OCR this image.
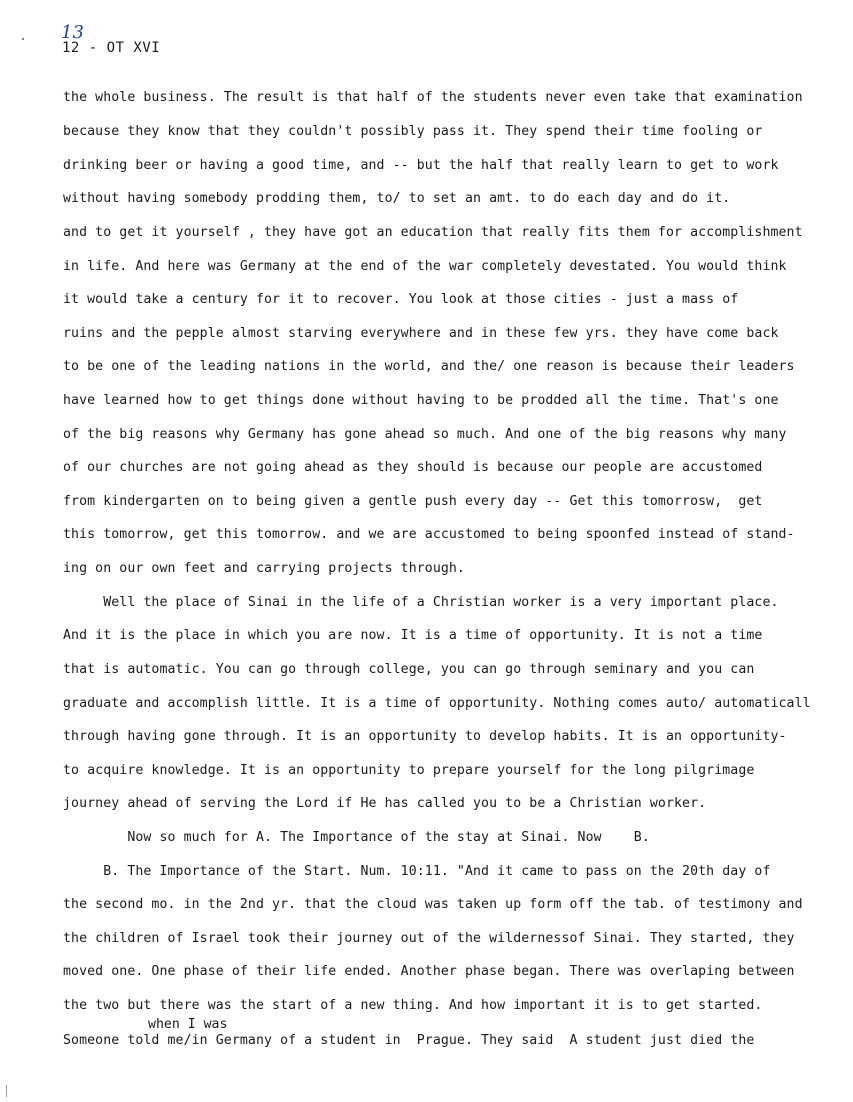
13
12 - OT XVI
the whole business. The result is that half of the students never even take that examination
because they know that they couldn't possibly pass it. They spend their time fooling or
drinking beer or having a good time, and -- but the half that really learn to get to work
without having somebody prodding them, to/ to set an amt. to do each day and do it.
and to get it yourself , they have got an education that really fits them for accomplishment
in life. And here was Germany at the end of the war completely devestated. You would think
it would take a century for it to recover. You look at those cities - just a mass of
ruins and the pepple almost starving everywhere and in these few yrs. they have come back
to be one of the leading nations in the world, and the/ one reason is because their leaders
have learned how to get things done without having to be prodded all the time. That's one
of the big reasons why Germany has gone ahead so much. And one of the big reasons why many
of our churches are not going ahead as they should is because our people are accustomed
from kindergarten on to being given a gentle push every day -- Get this tomorrosw,  get
this tomorrow, get this tomorrow. and we are accustomed to being spoonfed instead of stand-
ing on our own feet and carrying projects through.
Well the place of Sinai in the life of a Christian worker is a very important place.
And it is the place in which you are now. It is a time of opportunity. It is not a time
that is automatic. You can go through college, you can go through seminary and you can
graduate and accomplish little. It is a time of opportunity. Nothing comes auto/ automaticall
through having gone through. It is an opportunity to develop habits. It is an opportunity-
to acquire knowledge. It is an opportunity to prepare yourself for the long pilgrimage
journey ahead of serving the Lord if He has called you to be a Christian worker.
Now so much for A. The Importance of the stay at Sinai. Now    B.
B. The Importance of the Start. Num. 10:11. "And it came to pass on the 20th day of
the second mo. in the 2nd yr. that the cloud was taken up form off the tab. of testimony and
the children of Israel took their journey out of the wildernessof Sinai. They started, they
moved one. One phase of their life ended. Another phase began. There was overlaping between
the two but there was the start of a new thing. And how important it is to get started.
when I was
Someone told me/in Germany of a student in  Prague. They said  A student just died the
